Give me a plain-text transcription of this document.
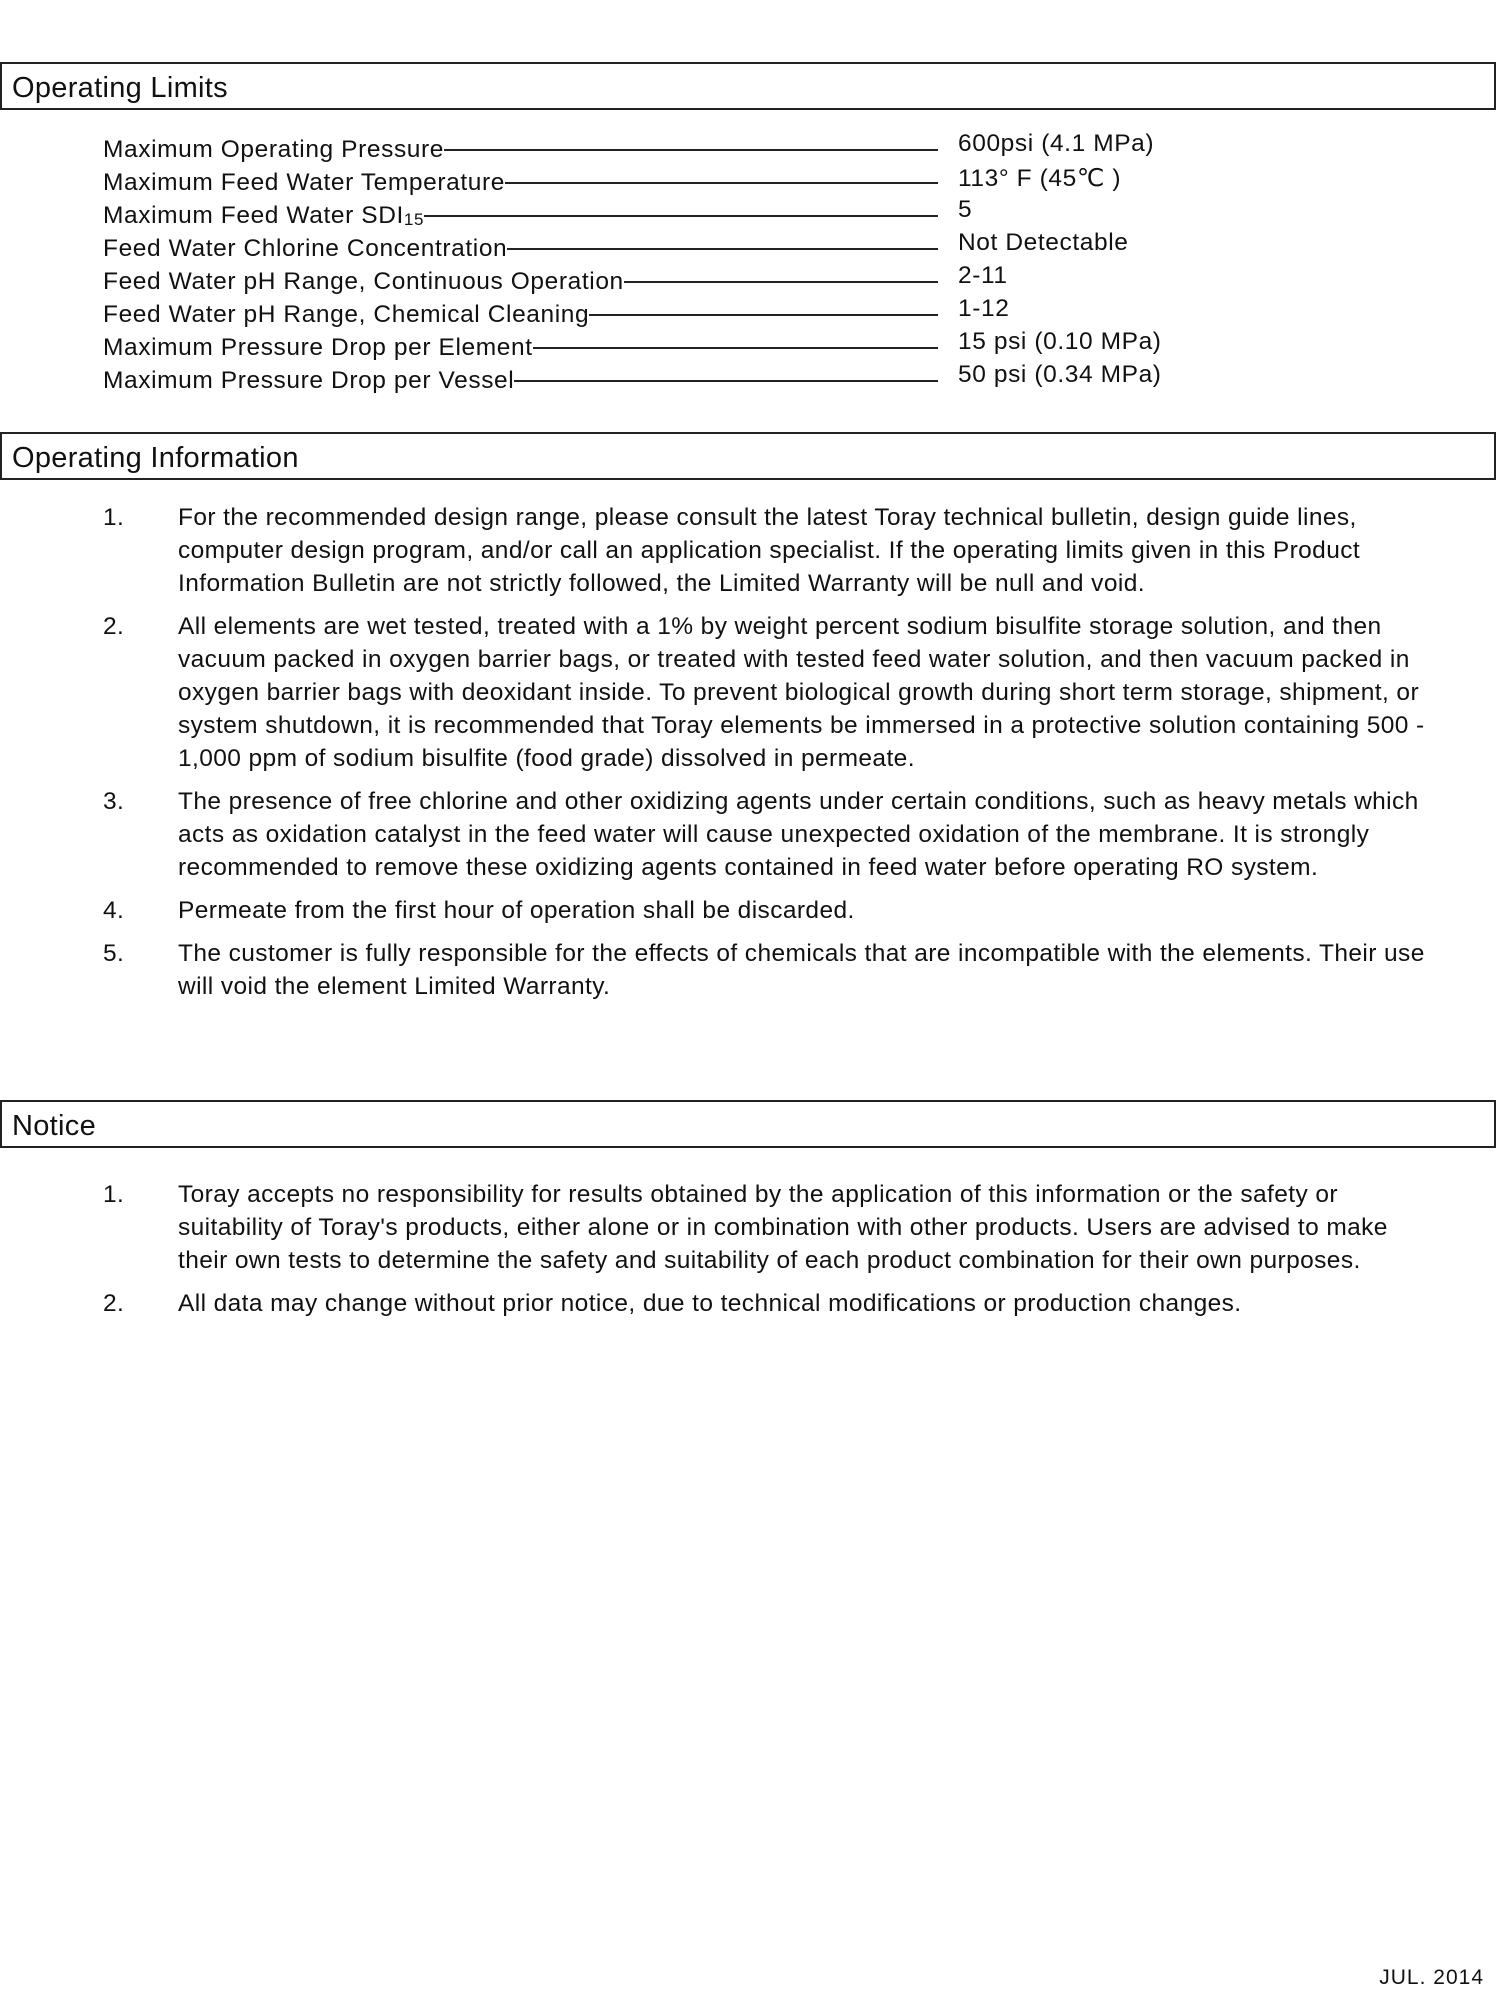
Operating Limits
Maximum Operating Pressure	600psi (4.1 MPa)
Maximum Feed Water Temperature	113° F (45℃ )
Maximum Feed Water $SDI_{15}$	5
Feed Water Chlorine Concentration	Not Detectable
Feed Water pH Range, Continuous Operation	2-11
Feed Water pH Range, Chemical Cleaning	1-12
Maximum Pressure Drop per Element	15 psi (0.10 MPa)
Maximum Pressure Drop per Vessel	50 psi (0.34 MPa)
Operating Information
1. For the recommended design range, please consult the latest Toray technical bulletin, design guide lines, computer design program, and/or call an application specialist. If the operating limits given in this Product Information Bulletin are not strictly followed, the Limited Warranty will be null and void.
2. All elements are wet tested, treated with a 1% by weight percent sodium bisulfite storage solution, and then vacuum packed in oxygen barrier bags, or treated with tested feed water solution, and then vacuum packed in oxygen barrier bags with deoxidant inside. To prevent biological growth during short term storage, shipment, or system shutdown, it is recommended that Toray elements be immersed in a protective solution containing 500 - 1,000 ppm of sodium bisulfite (food grade) dissolved in permeate.
3. The presence of free chlorine and other oxidizing agents under certain conditions, such as heavy metals which acts as oxidation catalyst in the feed water will cause unexpected oxidation of the membrane. It is strongly recommended to remove these oxidizing agents contained in feed water before operating RO system.
4. Permeate from the first hour of operation shall be discarded.
5. The customer is fully responsible for the effects of chemicals that are incompatible with the elements. Their use will void the element Limited Warranty.
Notice
1. Toray accepts no responsibility for results obtained by the application of this information or the safety or suitability of Toray's products, either alone or in combination with other products. Users are advised to make their own tests to determine the safety and suitability of each product combination for their own purposes.
2. All data may change without prior notice, due to technical modifications or production changes.
JUL. 2014
